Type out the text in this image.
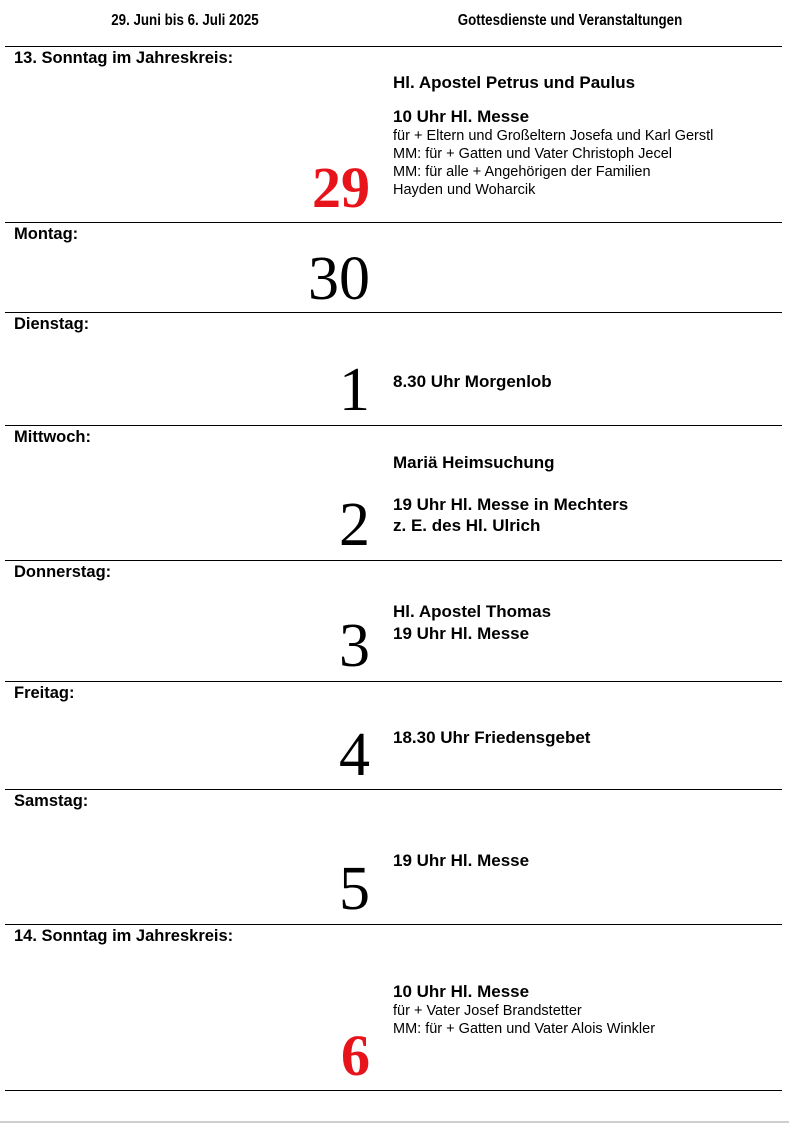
29. Juni bis 6. Juli 2025	Gottesdienste und Veranstaltungen
13. Sonntag im Jahreskreis:
29
Hl. Apostel Petrus und Paulus
10 Uhr Hl. Messe
für + Eltern und Großeltern Josefa und Karl Gerstl
MM: für + Gatten und Vater Christoph Jecel
MM: für alle + Angehörigen der Familien
Hayden und Woharcik
Montag:
30
Dienstag:
1 8.30 Uhr Morgenlob
Mittwoch:
2
Mariä Heimsuchung
19 Uhr Hl. Messe in Mechters
z. E. des Hl. Ulrich
Donnerstag:
3
Hl. Apostel Thomas
19 Uhr Hl. Messe
Freitag:
4 18.30 Uhr Friedensgebet
Samstag:
5 19 Uhr Hl. Messe
14. Sonntag im Jahreskreis:
6
10 Uhr Hl. Messe
für + Vater Josef Brandstetter
MM: für + Gatten und Vater Alois Winkler
